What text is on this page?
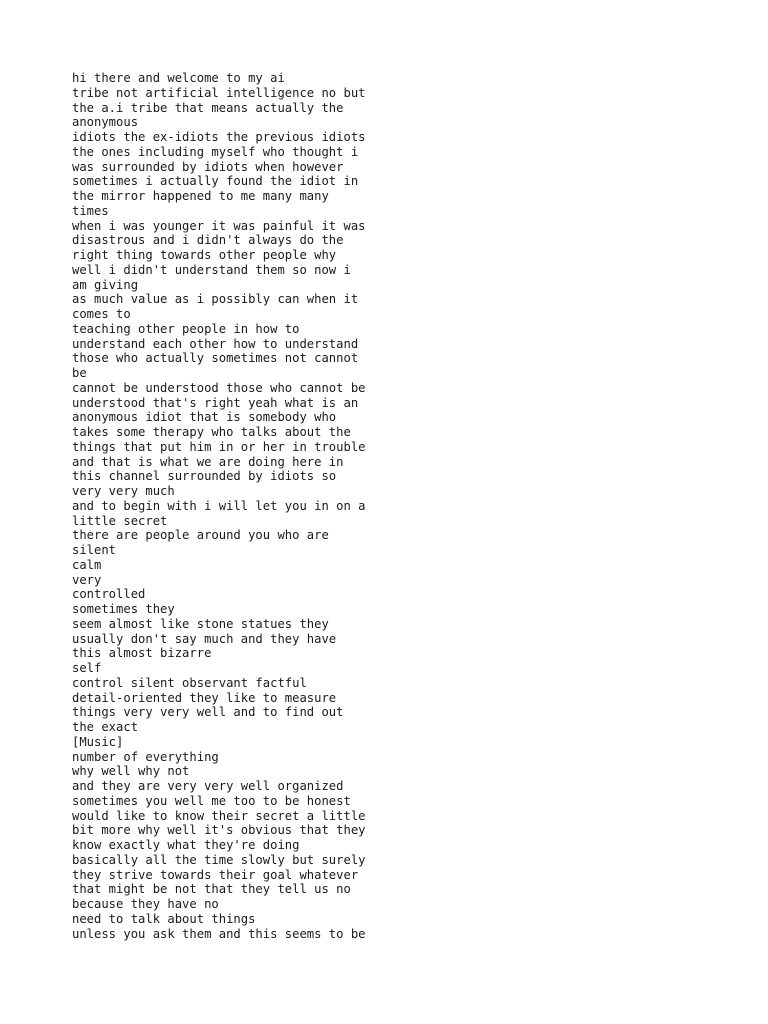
hi there and welcome to my ai
tribe not artificial intelligence no but
the a.i tribe that means actually the
anonymous
idiots the ex-idiots the previous idiots
the ones including myself who thought i
was surrounded by idiots when however
sometimes i actually found the idiot in
the mirror happened to me many many
times
when i was younger it was painful it was
disastrous and i didn't always do the
right thing towards other people why
well i didn't understand them so now i
am giving
as much value as i possibly can when it
comes to
teaching other people in how to
understand each other how to understand
those who actually sometimes not cannot
be
cannot be understood those who cannot be
understood that's right yeah what is an
anonymous idiot that is somebody who
takes some therapy who talks about the
things that put him in or her in trouble
and that is what we are doing here in
this channel surrounded by idiots so
very very much
and to begin with i will let you in on a
little secret
there are people around you who are
silent
calm
very
controlled
sometimes they
seem almost like stone statues they
usually don't say much and they have
this almost bizarre
self
control silent observant factful
detail-oriented they like to measure
things very very well and to find out
the exact
[Music]
number of everything
why well why not
and they are very very well organized
sometimes you well me too to be honest
would like to know their secret a little
bit more why well it's obvious that they
know exactly what they're doing
basically all the time slowly but surely
they strive towards their goal whatever
that might be not that they tell us no
because they have no
need to talk about things
unless you ask them and this seems to be
